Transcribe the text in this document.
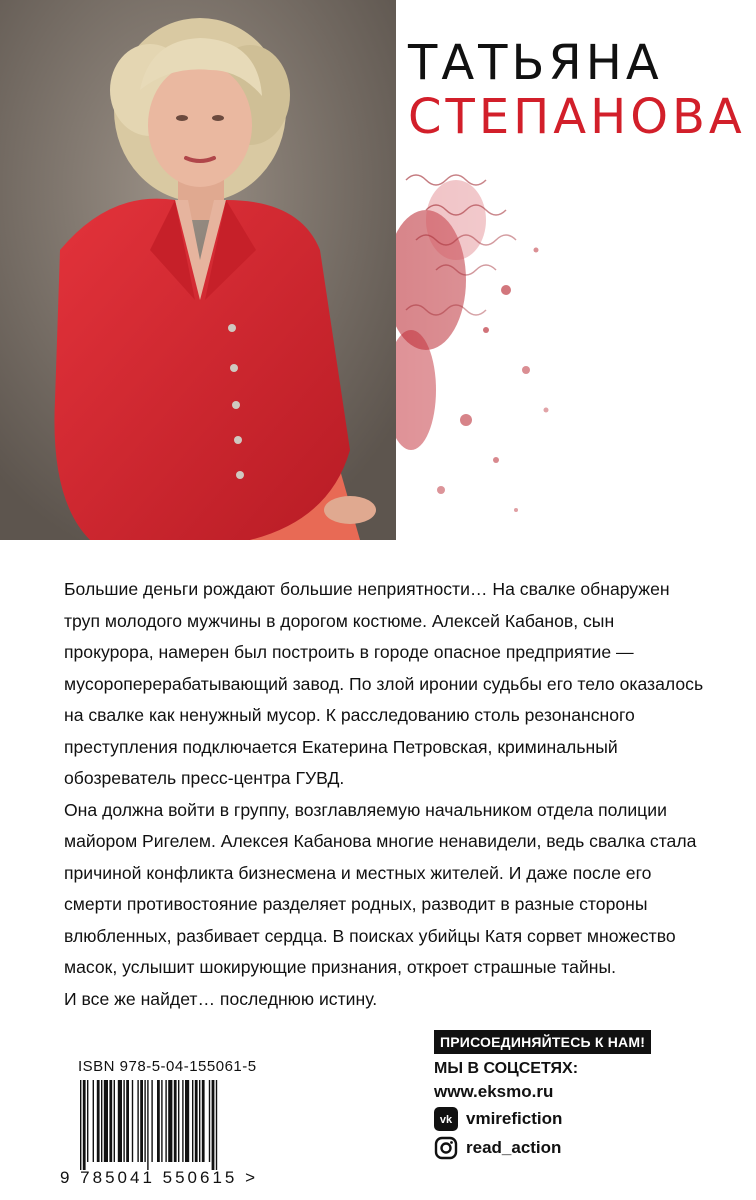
ТАТЬЯНА
СТЕПАНОВА

Большие деньги рождают большие неприятности… На свалке обнаружен труп молодого мужчины в дорогом костюме. Алексей Кабанов, сын прокурора, намерен был построить в городе опасное предприятие — мусороперерабатывающий завод. По злой иронии судьбы его тело оказалось на свалке как ненужный мусор. К расследованию столь резонансного преступления подключается Екатерина Петровская, криминальный обозреватель пресс-центра ГУВД.

Она должна войти в группу, возглавляемую начальником отдела полиции майором Ригелем. Алексея Кабанова многие ненавидели, ведь свалка стала причиной конфликта бизнесмена и местных жителей. И даже после его смерти противостояние разделяет родных, разводит в разные стороны влюбленных, разбивает сердца. В поисках убийцы Катя сорвет множество масок, услышит шокирующие признания, откроет страшные тайны.

И все же найдет… последнюю истину.

ISBN 978-5-04-155061-5
9 785041 550615 >
ПРИСОЕДИНЯЙТЕСЬ К НАМ!
МЫ В СОЦСЕТЯХ:
www.eksmo.ru
vk vmirefiction
read_action
